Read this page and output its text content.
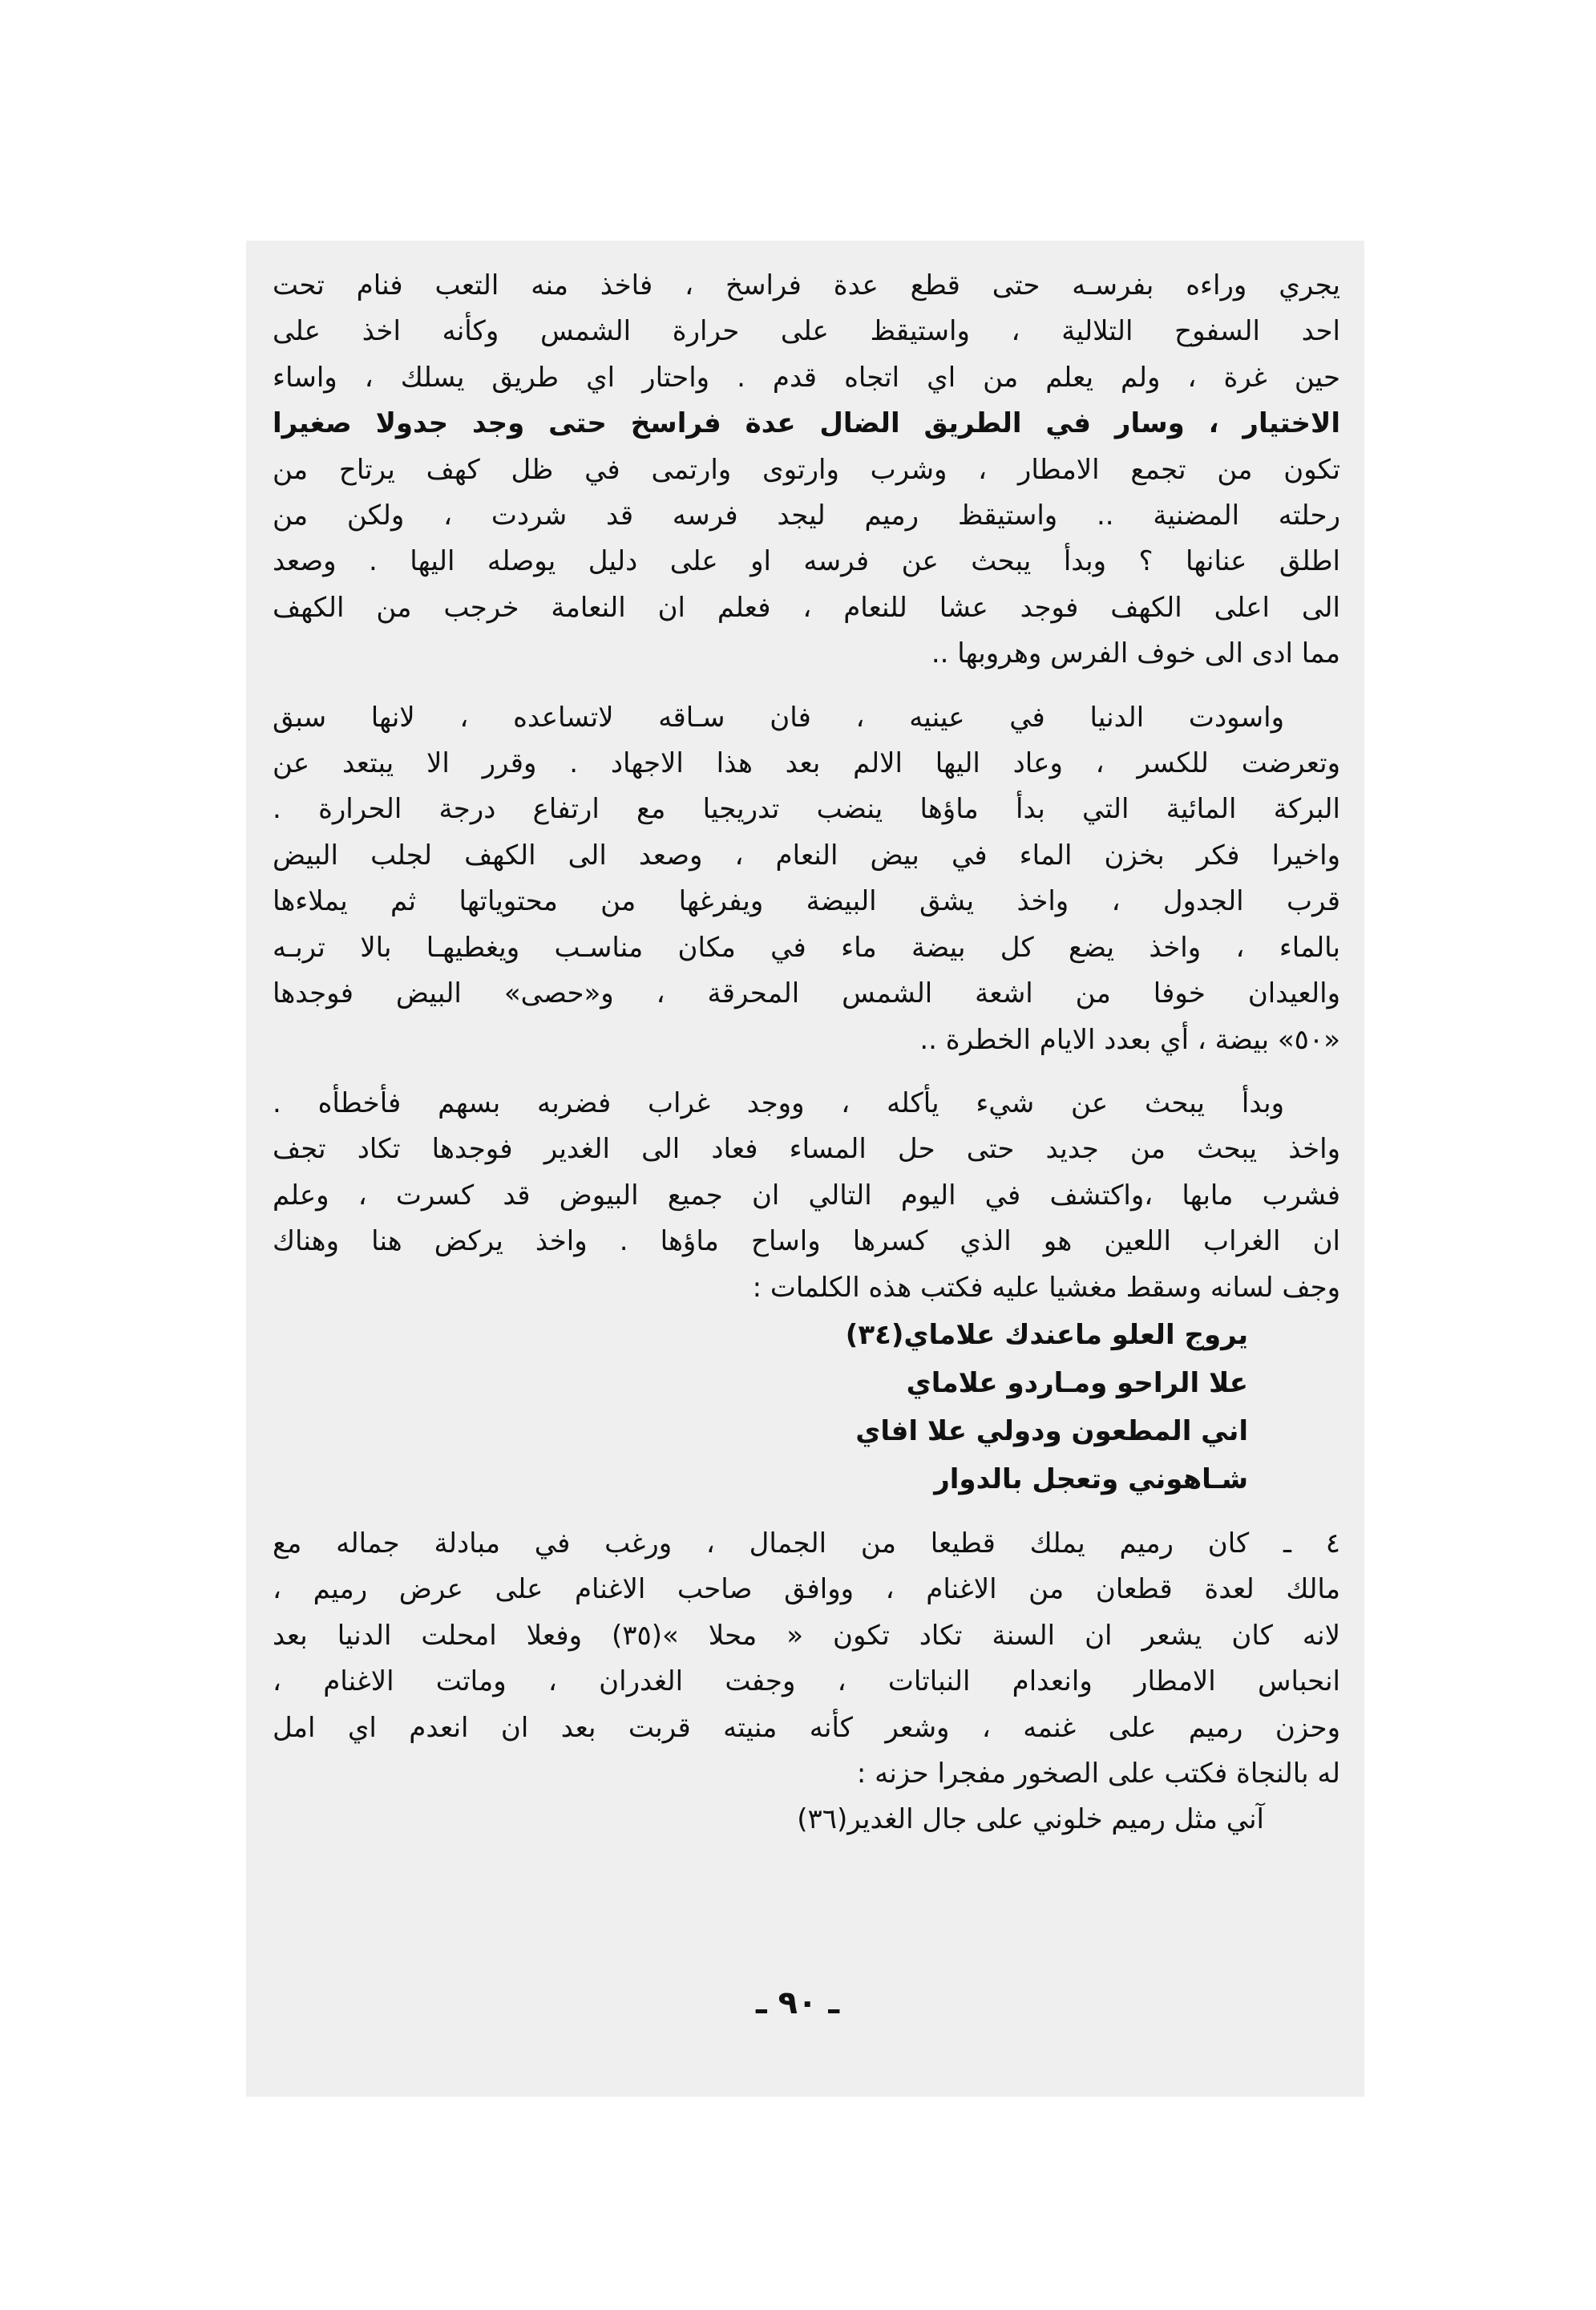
يجري وراءه بفرسـه حتى قطع عدة فراسخ ، فاخذ منه التعب فنام تحت
احد السفوح التلالية ، واستيقظ على حرارة الشمس وكأنه اخذ على
حين غرة ، ولم يعلم من اي اتجاه قدم . واحتار اي طريق يسلك ، واساء
الاختيار ، وسار في الطريق الضال عدة فراسخ حتى وجد جدولا صغيرا
تكون من تجمع الامطار ، وشرب وارتوى وارتمى في ظل كهف يرتاح من
رحلته المضنية .. واستيقظ رميم ليجد فرسه قد شردت ، ولكن من
اطلق عنانها ؟ وبدأ يبحث عن فرسه او على دليل يوصله اليها . وصعد
الى اعلى الكهف فوجد عشا للنعام ، فعلم ان النعامة خرجب من الكهف
مما ادى الى خوف الفرس وهروبها ..

واسودت الدنيا في عينيه ، فان سـاقه لاتساعده ، لانها سبق
وتعرضت للكسر ، وعاد اليها الالم بعد هذا الاجهاد . وقرر الا يبتعد عن
البركة المائية التي بدأ ماؤها ينضب تدريجيا مع ارتفاع درجة الحرارة .
واخيرا فكر بخزن الماء في بيض النعام ، وصعد الى الكهف لجلب البيض
قرب الجدول ، واخذ يشق البيضة ويفرغها من محتوياتها ثم يملاءها
بالماء ، واخذ يضع كل بيضة ماء في مكان مناسـب ويغطيهـا بالا تربـه
والعيدان خوفا من اشعة الشمس المحرقة ، و«حصى» البيض فوجدها
«٥٠» بيضة ، أي بعدد الايام الخطرة ..

وبدأ يبحث عن شيء يأكله ، ووجد غراب فضربه بسهم فأخطأه .
واخذ يبحث من جديد حتى حل المساء فعاد الى الغدير فوجدها تكاد تجف
فشرب مابها ،واكتشف في اليوم التالي ان جميع البيوض قد كسرت ، وعلم
ان الغراب اللعين هو الذي كسرها واساح ماؤها . واخذ يركض هنا وهناك
وجف لسانه وسقط مغشيا عليه فكتب هذه الكلمات :

يروج العلو ماعندك علاماي(٣٤)
علا الراحو ومـاردو علاماي
اني المطعون ودولي علا افاي
شـاهوني وتعجل بالدوار

٤ ـ كان رميم يملك قطيعا من الجمال ، ورغب في مبادلة جماله مع
مالك لعدة قطعان من الاغنام ، ووافق صاحب الاغنام على عرض رميم ،
لانه كان يشعر ان السنة تكاد تكون « محلا »(٣٥) وفعلا امحلت الدنيا بعد
انحباس الامطار وانعدام النباتات ، وجفت الغدران ، وماتت الاغنام ،
وحزن رميم على غنمه ، وشعر كأنه منيته قربت بعد ان انعدم اي امل
له بالنجاة فكتب على الصخور مفجرا حزنه :

آني مثل رميم خلوني على جال الغدير(٣٦)
ـ ٩٠ ـ
